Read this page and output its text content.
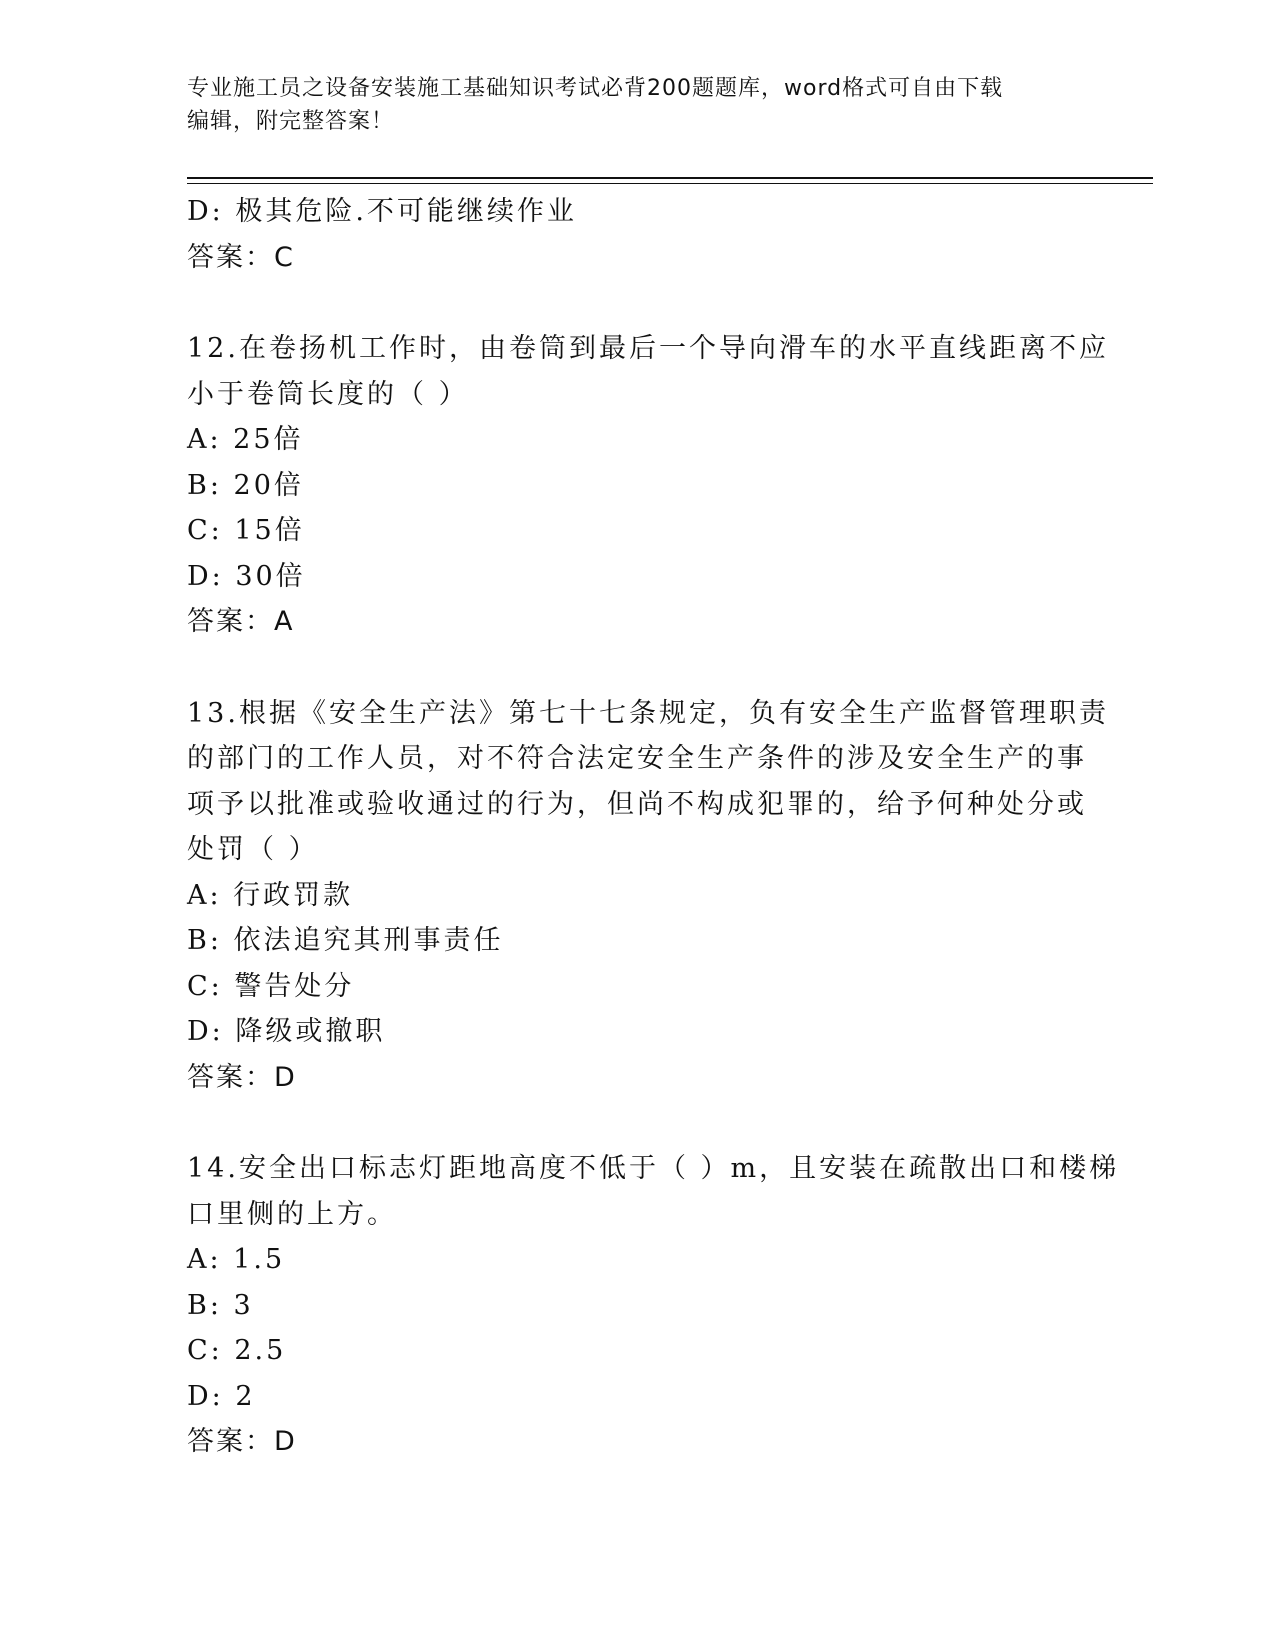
专业施工员之设备安装施工基础知识考试必背200题题库，word格式可自由下载
编辑，附完整答案！
D: 极其危险.不可能继续作业
答案：C
12.在卷扬机工作时，由卷筒到最后一个导向滑车的水平直线距离不应
小于卷筒长度的（ ）
A: 25倍
B: 20倍
C: 15倍
D: 30倍
答案：A
13.根据《安全生产法》第七十七条规定，负有安全生产监督管理职责
的部门的工作人员，对不符合法定安全生产条件的涉及安全生产的事
项予以批准或验收通过的行为，但尚不构成犯罪的，给予何种处分或
处罚（ ）
A: 行政罚款
B: 依法追究其刑事责任
C: 警告处分
D: 降级或撤职
答案：D
14.安全出口标志灯距地高度不低于（ ）m，且安装在疏散出口和楼梯
口里侧的上方。
A: 1.5
B: 3
C: 2.5
D: 2
答案：D
